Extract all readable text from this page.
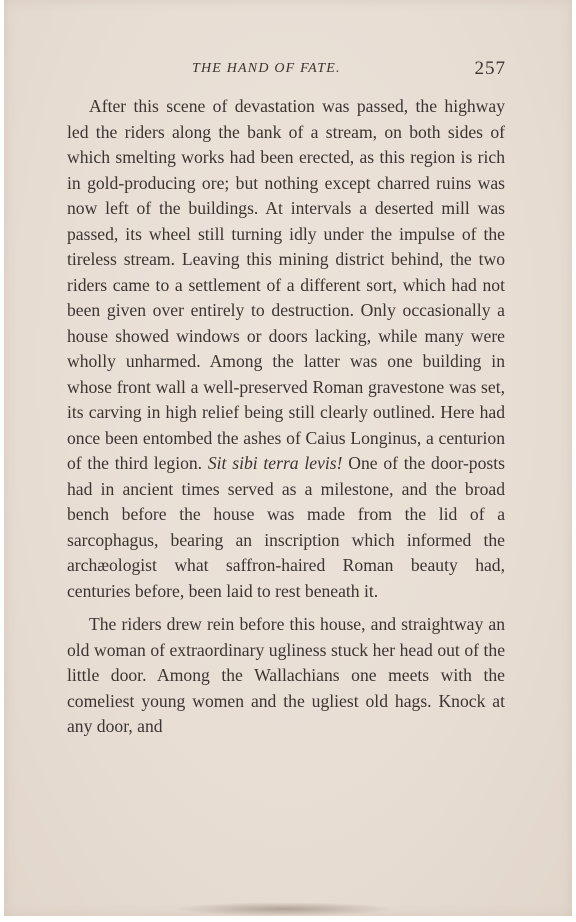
THE HAND OF FATE.	257

After this scene of devastation was passed, the highway led the riders along the bank of a stream, on both sides of which smelting works had been erected, as this region is rich in gold-producing ore; but nothing except charred ruins was now left of the buildings. At intervals a deserted mill was passed, its wheel still turning idly under the impulse of the tireless stream. Leaving this mining district behind, the two riders came to a settlement of a different sort, which had not been given over entirely to destruction. Only occasionally a house showed windows or doors lacking, while many were wholly unharmed. Among the latter was one building in whose front wall a well-preserved Roman gravestone was set, its carving in high relief being still clearly outlined. Here had once been entombed the ashes of Caius Longinus, a centurion of the third legion. Sit sibi terra levis! One of the door-posts had in ancient times served as a milestone, and the broad bench before the house was made from the lid of a sarcophagus, bearing an inscription which informed the archæologist what saffron-haired Roman beauty had, centuries before, been laid to rest beneath it.

The riders drew rein before this house, and straightway an old woman of extraordinary ugliness stuck her head out of the little door. Among the Wallachians one meets with the comeliest young women and the ugliest old hags. Knock at any door, and
